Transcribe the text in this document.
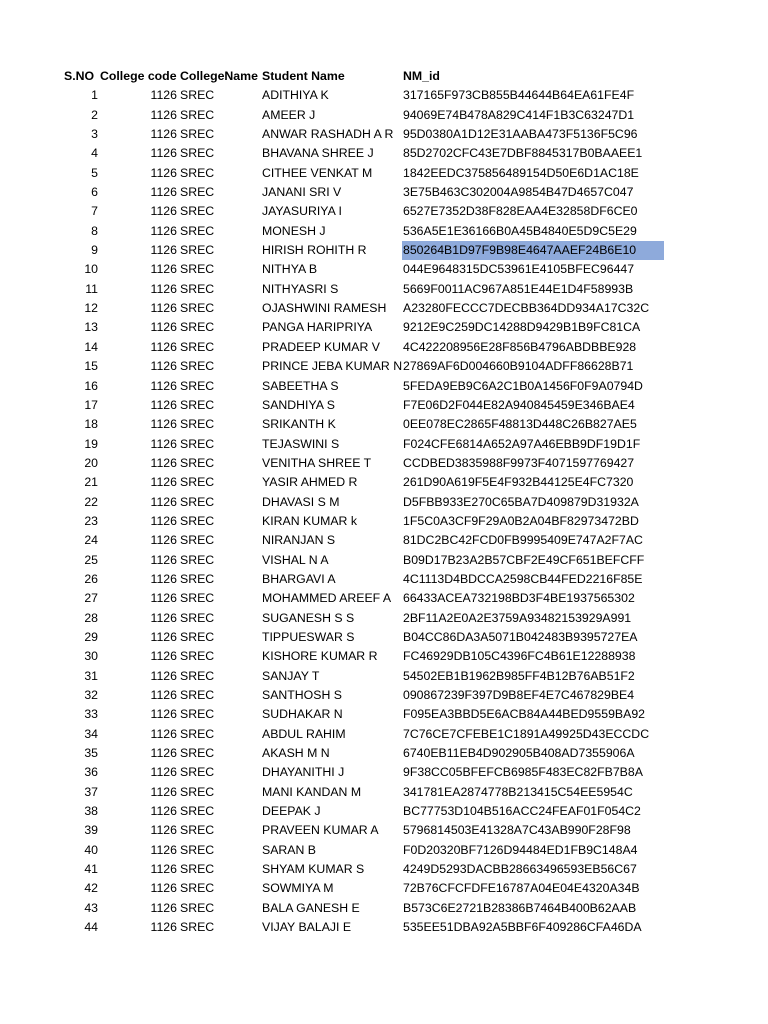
S.NO College code CollegeName Student Name	NM_id
1	1126 SREC	ADITHIYA K	317165F973CB855B44644B64EA61FE4F
2	1126 SREC	AMEER J	94069E74B478A829C414F1B3C63247D1
3	1126 SREC	ANWAR RASHADH A R 95D0380A1D12E31AABA473F5136F5C96
4	1126 SREC	BHAVANA SHREE J	85D2702CFC43E7DBF8845317B0BAAEE1
5	1126 SREC	CITHEE VENKAT M	1842EEDC375856489154D50E6D1AC18E
6	1126 SREC	JANANI SRI V	3E75B463C302004A9854B47D4657C047
7	1126 SREC	JAYASURIYA I	6527E7352D38F828EAA4E32858DF6CE0
8	1126 SREC	MONESH J	536A5E1E36166B0A45B4840E5D9C5E29
9	1126 SREC	HIRISH ROHITH R	850264B1D97F9B98E4647AAEF24B6E10
10	1126 SREC	NITHYA B	044E9648315DC53961E4105BFEC96447
11	1126 SREC	NITHYASRI S	5669F0011AC967A851E44E1D4F58993B
12	1126 SREC	OJASHWINI RAMESH	A23280FECCC7DECBB364DD934A17C32C
13	1126 SREC	PANGA HARIPRIYA	9212E9C259DC14288D9429B1B9FC81CA
14	1126 SREC	PRADEEP KUMAR V	4C422208956E28F856B4796ABDBBE928
15	1126 SREC	PRINCE JEBA KUMAR N 27869AF6D004660B9104ADFF86628B71
16	1126 SREC	SABEETHA S	5FEDA9EB9C6A2C1B0A1456F0F9A0794D
17	1126 SREC	SANDHIYA S	F7E06D2F044E82A940845459E346BAE4
18	1126 SREC	SRIKANTH K	0EE078EC2865F48813D448C26B827AE5
19	1126 SREC	TEJASWINI S	F024CFE6814A652A97A46EBB9DF19D1F
20	1126 SREC	VENITHA SHREE T	CCDBED3835988F9973F4071597769427
21	1126 SREC	YASIR AHMED R	261D90A619F5E4F932B44125E4FC7320
22	1126 SREC	DHAVASI S M	D5FBB933E270C65BA7D409879D31932A
23	1126 SREC	KIRAN KUMAR k	1F5C0A3CF9F29A0B2A04BF82973472BD
24	1126 SREC	NIRANJAN S	81DC2BC42FCD0FB9995409E747A2F7AC
25	1126 SREC	VISHAL N A	B09D17B23A2B57CBF2E49CF651BEFCFF
26	1126 SREC	BHARGAVI A	4C1113D4BDCCA2598CB44FED2216F85E
27	1126 SREC	MOHAMMED AREEF A 66433ACEA732198BD3F4BE1937565302
28	1126 SREC	SUGANESH S S	2BF11A2E0A2E3759A93482153929A991
29	1126 SREC	TIPPUESWAR S	B04CC86DA3A5071B042483B9395727EA
30	1126 SREC	KISHORE KUMAR R	FC46929DB105C4396FC4B61E12288938
31	1126 SREC	SANJAY T	54502EB1B1962B985FF4B12B76AB51F2
32	1126 SREC	SANTHOSH S	090867239F397D9B8EF4E7C467829BE4
33	1126 SREC	SUDHAKAR N	F095EA3BBD5E6ACB84A44BED9559BA92
34	1126 SREC	ABDUL RAHIM	7C76CE7CFEBE1C1891A49925D43ECCDC
35	1126 SREC	AKASH M N	6740EB11EB4D902905B408AD7355906A
36	1126 SREC	DHAYANITHI J	9F38CC05BFEFCB6985F483EC82FB7B8A
37	1126 SREC	MANI KANDAN M	341781EA2874778B213415C54EE5954C
38	1126 SREC	DEEPAK J	BC77753D104B516ACC24FEAF01F054C2
39	1126 SREC	PRAVEEN KUMAR A	5796814503E41328A7C43AB990F28F98
40	1126 SREC	SARAN B	F0D20320BF7126D94484ED1FB9C148A4
41	1126 SREC	SHYAM KUMAR S	4249D5293DACBB28663496593EB56C67
42	1126 SREC	SOWMIYA M	72B76CFCFDFE16787A04E04E4320A34B
43	1126 SREC	BALA GANESH E	B573C6E2721B28386B7464B400B62AAB
44	1126 SREC	VIJAY BALAJI E	535EE51DBA92A5BBF6F409286CFA46DA
